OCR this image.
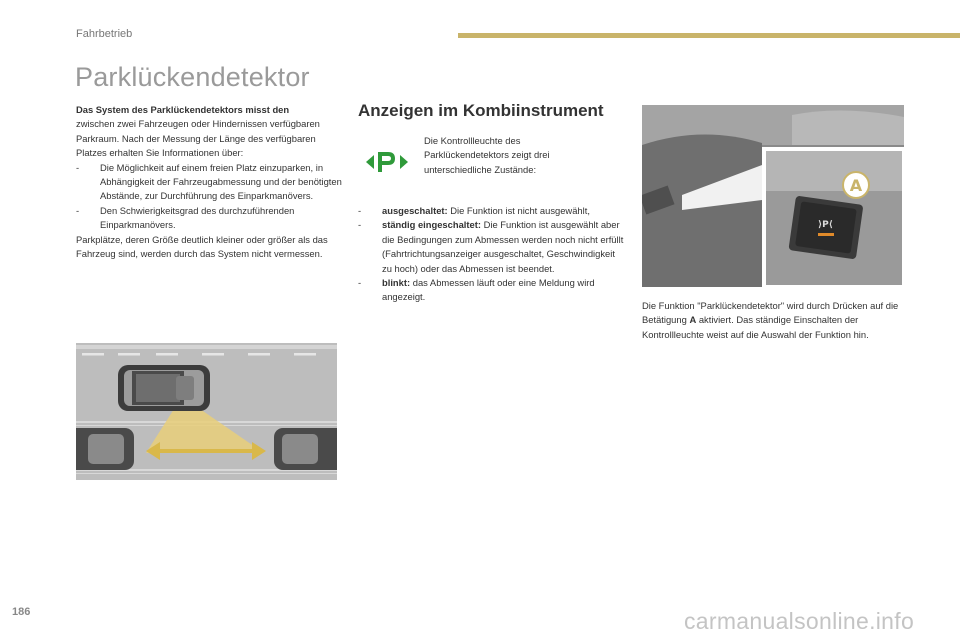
Fahrbetrieb
Parklückendetektor
Das System des Parklückendetektors misst den
zwischen zwei Fahrzeugen oder Hindernissen verfügbaren Parkraum. Nach der Messung der Länge des verfügbaren Platzes erhalten Sie Informationen über:
- Die Möglichkeit auf einem freien Platz einzuparken, in Abhängigkeit der Fahrzeugabmessung und der benötigten Abstände, zur Durchführung des Einparkmanövers.
- Den Schwierigkeitsgrad des durchzuführenden Einparkmanövers.
Parkplätze, deren Größe deutlich kleiner oder größer als das Fahrzeug sind, werden durch das System nicht vermessen.
Anzeigen im Kombiinstrument
Die Kontrollleuchte des Parklückendetektors zeigt drei unterschiedliche Zustände:
- ausgeschaltet: Die Funktion ist nicht ausgewählt,
- ständig eingeschaltet: Die Funktion ist ausgewählt aber die Bedingungen zum Abmessen werden noch nicht erfüllt (Fahrtrichtungsanzeiger ausgeschaltet, Geschwindigkeit zu hoch) oder das Abmessen ist beendet.
- blinkt: das Abmessen läuft oder eine Meldung wird angezeigt.
⟩P⟨
A
Die Funktion "Parklückendetektor" wird durch Drücken auf die Betätigung A aktiviert. Das ständige Einschalten der Kontrollleuchte weist auf die Auswahl der Funktion hin.
186	carmanualsonline.info
